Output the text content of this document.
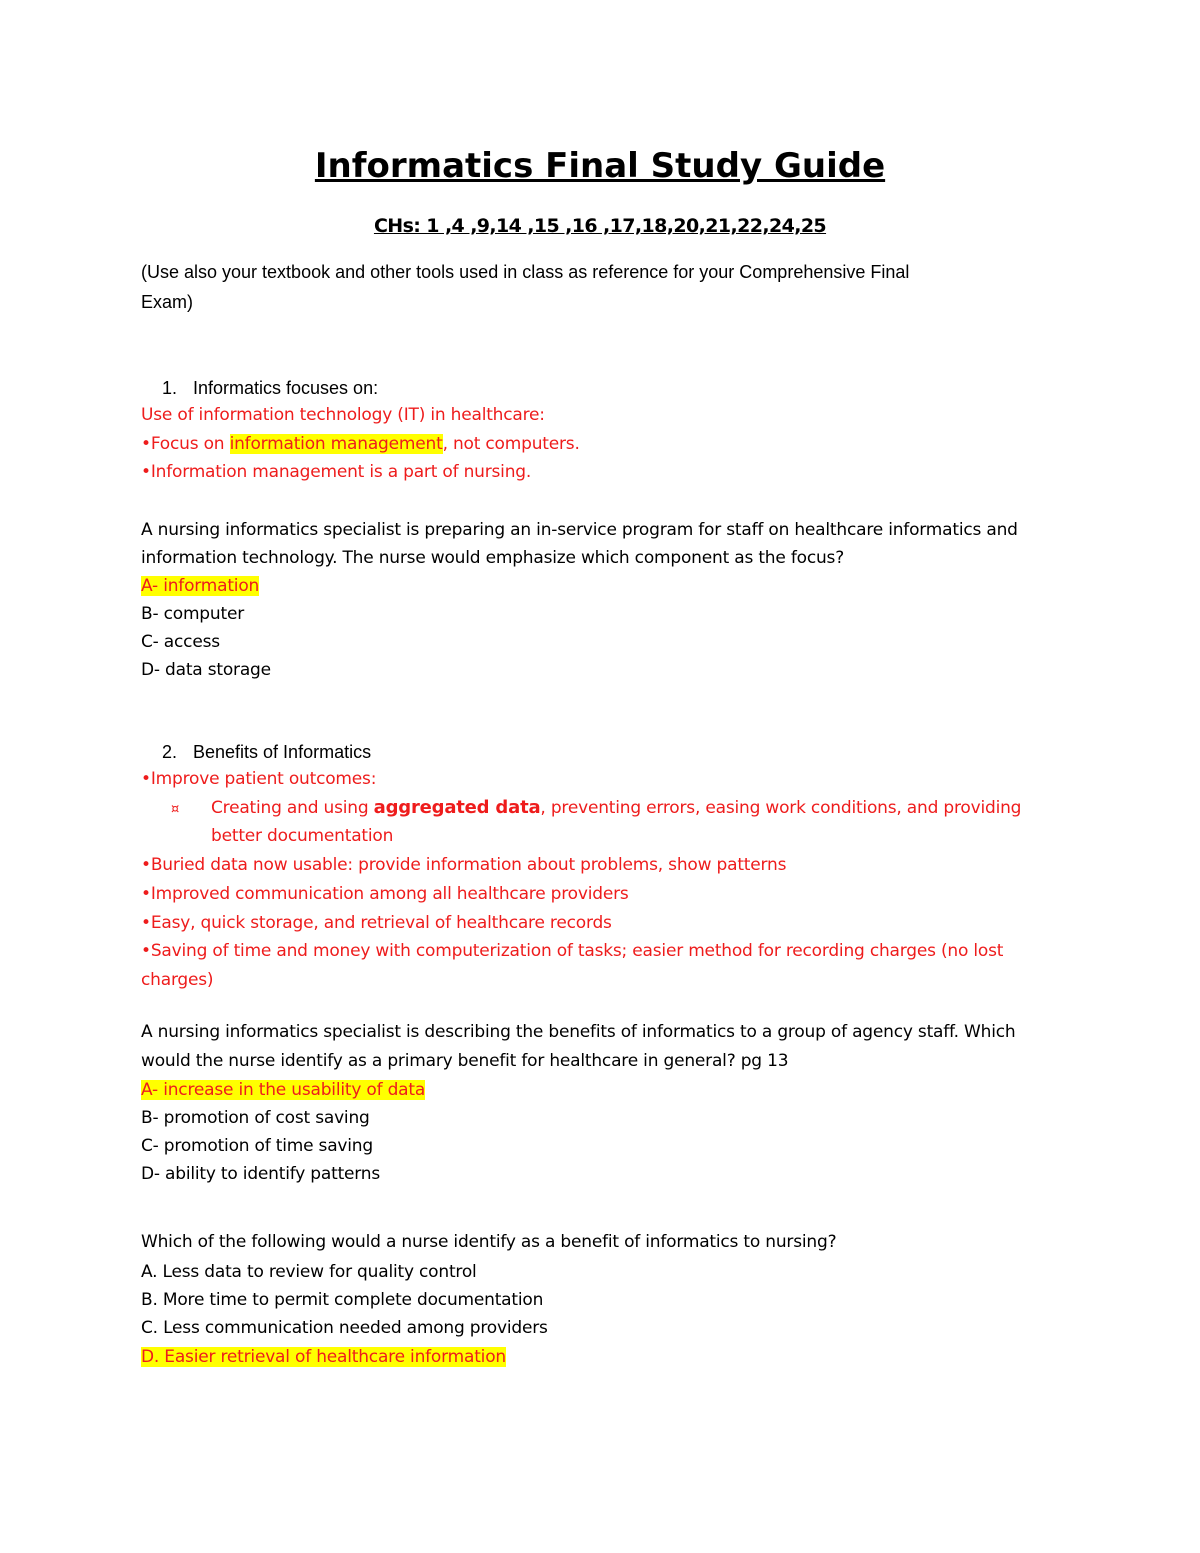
Informatics Final Study Guide
CHs: 1 ,4 ,9,14 ,15 ,16 ,17,18,20,21,22,24,25
(Use also your textbook and other tools used in class as reference for your Comprehensive Final
Exam)
1. Informatics focuses on:
Use of information technology (IT) in healthcare:
•Focus on information management, not computers.
•Information management is a part of nursing.
A nursing informatics specialist is preparing an in-service program for staff on healthcare informatics and
information technology. The nurse would emphasize which component as the focus?
A- information
B- computer
C- access
D- data storage
2. Benefits of Informatics
•Improve patient outcomes:
¤ Creating and using aggregated data, preventing errors, easing work conditions, and providing
better documentation
•Buried data now usable: provide information about problems, show patterns
•Improved communication among all healthcare providers
•Easy, quick storage, and retrieval of healthcare records
•Saving of time and money with computerization of tasks; easier method for recording charges (no lost
charges)
A nursing informatics specialist is describing the benefits of informatics to a group of agency staff. Which
would the nurse identify as a primary benefit for healthcare in general? pg 13
A- increase in the usability of data
B- promotion of cost saving
C- promotion of time saving
D- ability to identify patterns
Which of the following would a nurse identify as a benefit of informatics to nursing?
A. Less data to review for quality control
B. More time to permit complete documentation
C. Less communication needed among providers
D. Easier retrieval of healthcare information
